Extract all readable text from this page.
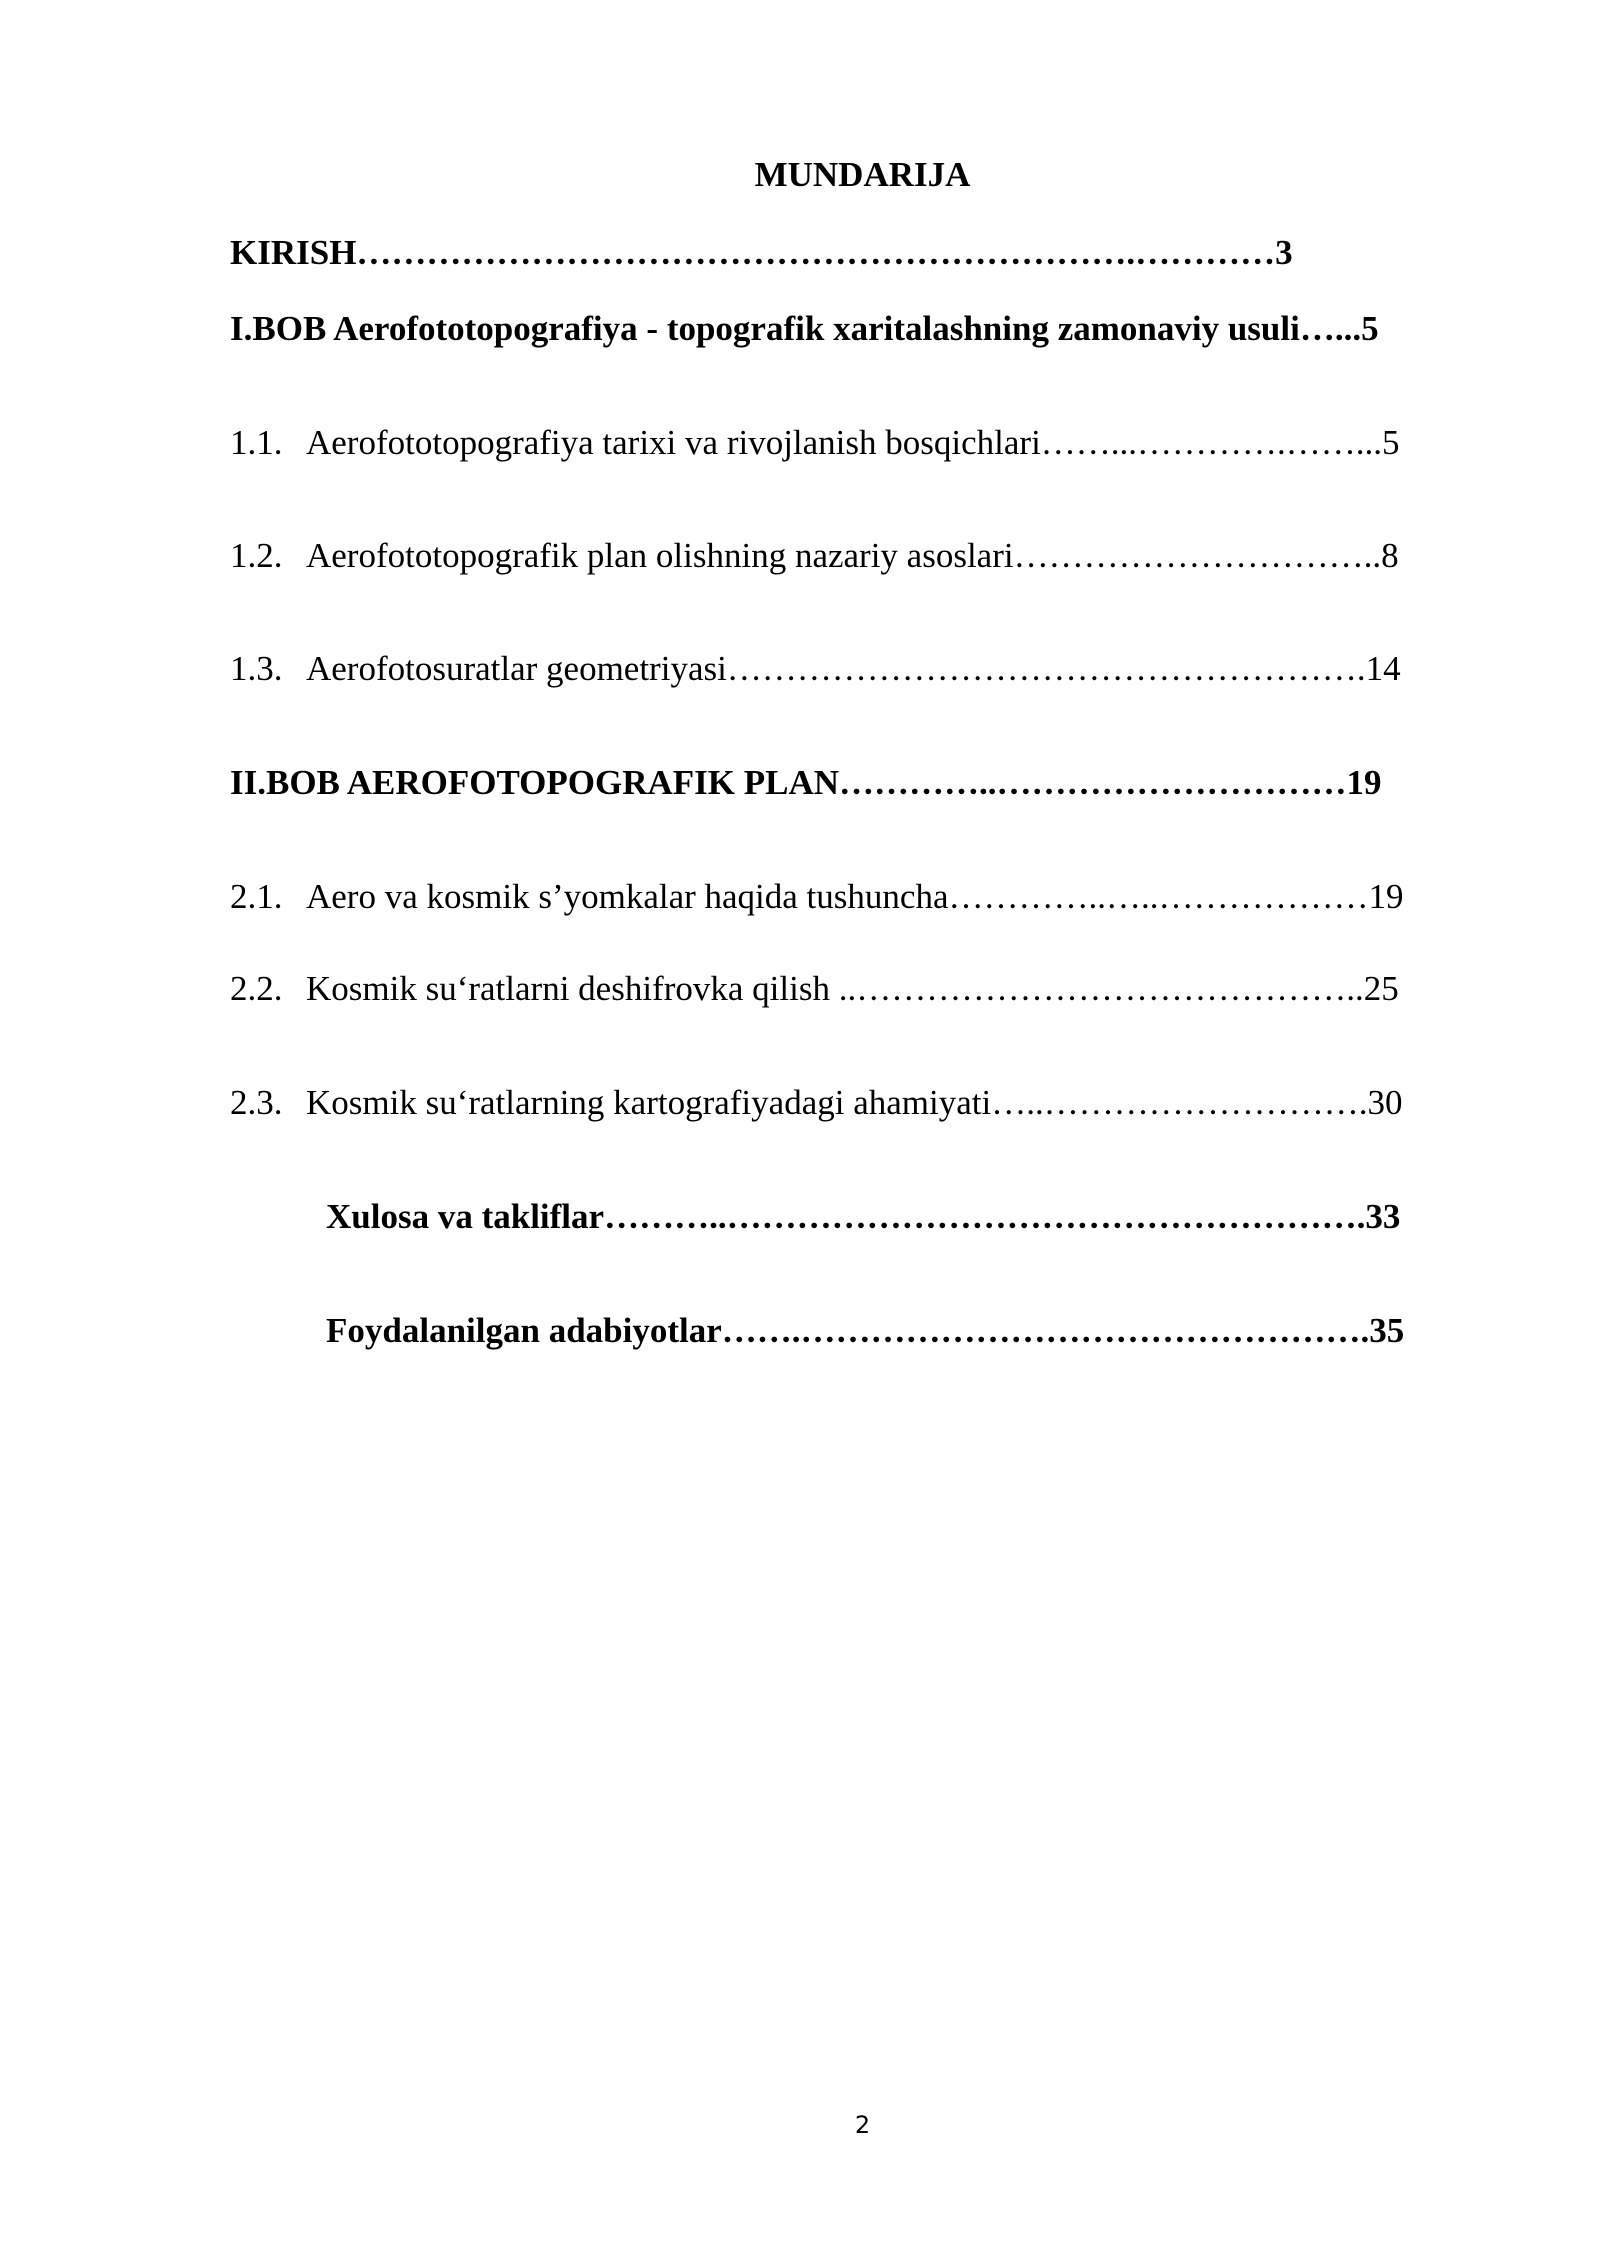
MUNDARIJA
KIRISH………………………………………………………….…………3
I.BOB Aerofototopografiya - topografik xaritalashning zamonaviy usuli…...5
1.1. Aerofototopografiya tarixi va rivojlanish bosqichlari……...………….……...5
1.2. Aerofototopografik plan olishning nazariy asoslari…………………………..8
1.3. Aerofotosuratlar geometriyasi……………………………………………….14
II.BOB AEROFOTOPOGRAFIK PLAN…………..…………………………19
2.1. Aero va kosmik s’yomkalar haqida tushuncha…………..…..………………19
2.2. Kosmik su‘ratlarni deshifrovka qilish ..……………………………………..25
2.3. Kosmik su‘ratlarning kartografiyadagi ahamiyati…..……………………….30
Xulosa va takliflar………..……………………………………………….33
Foydalanilgan adabiyotlar…….………………………………………….35
2
